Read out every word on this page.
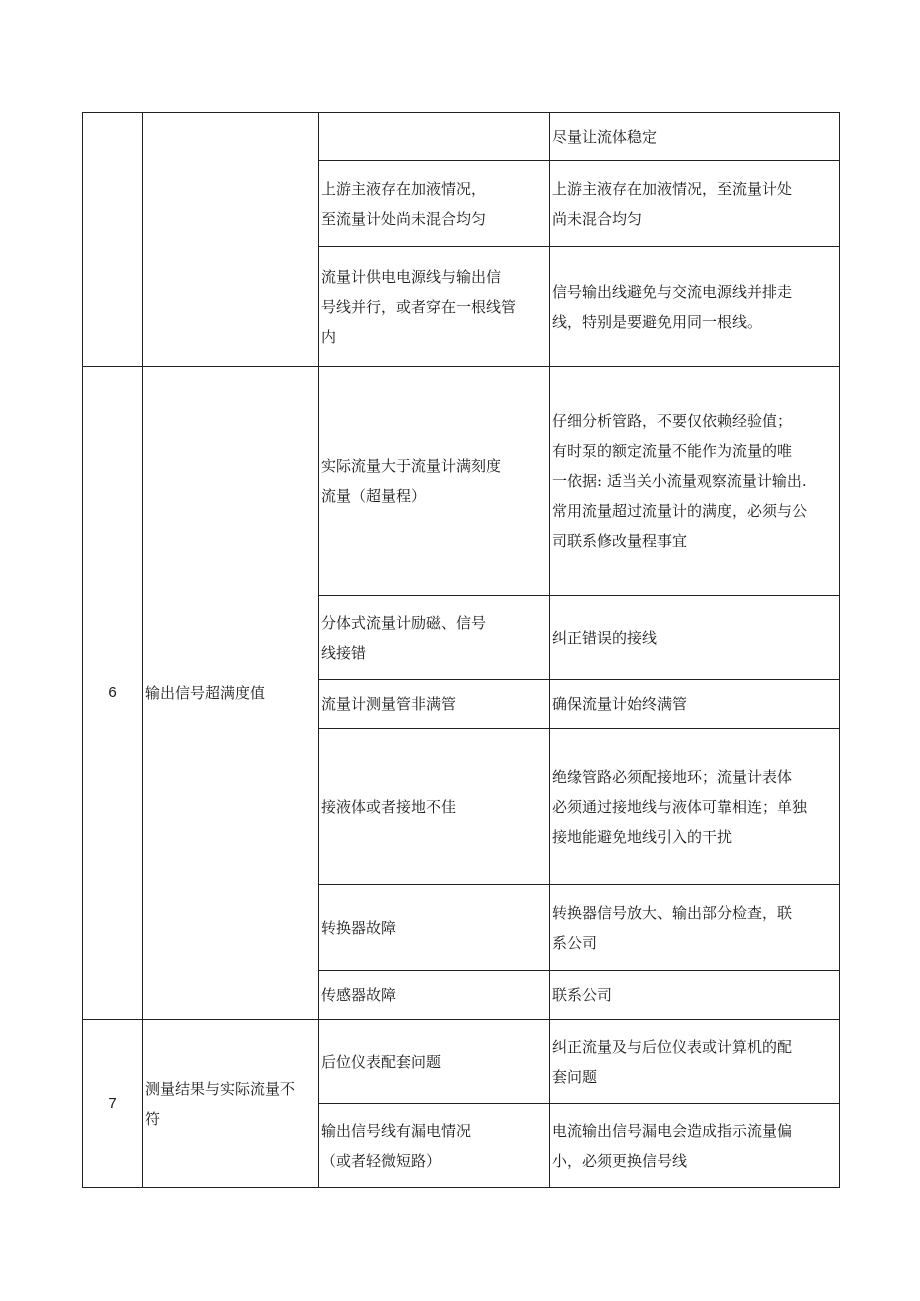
			尽量让流体稳定

		上游主液存在加液情况，
至流量计处尚未混合均匀	上游主液存在加液情况，至流量计处
尚未混合均匀

		流量计供电电源线与输出信
号线并行，或者穿在一根线管
内	信号输出线避免与交流电源线并排走
线，特别是要避免用同一根线。

6	输出信号超满度值	实际流量大于流量计满刻度
流量（超量程）	仔细分析管路，不要仅依赖经验值；
有时泵的额定流量不能作为流量的唯
一依据: 适当关小流量观察流量计输出.
常用流量超过流量计的满度，必须与公
司联系修改量程事宜

		分体式流量计励磁、信号
线接错	纠正错误的接线

		流量计测量管非满管	确保流量计始终满管

		接液体或者接地不佳	绝缘管路必须配接地环；流量计表体
必须通过接地线与液体可靠相连；单独
接地能避免地线引入的干扰

		转换器故障	转换器信号放大、输出部分检查，联
系公司

		传感器故障	联系公司

7	测量结果与实际流量不
符	后位仪表配套问题	纠正流量及与后位仪表或计算机的配
套问题

		输出信号线有漏电情况
（或者轻微短路）	电流输出信号漏电会造成指示流量偏
小，必须更换信号线
